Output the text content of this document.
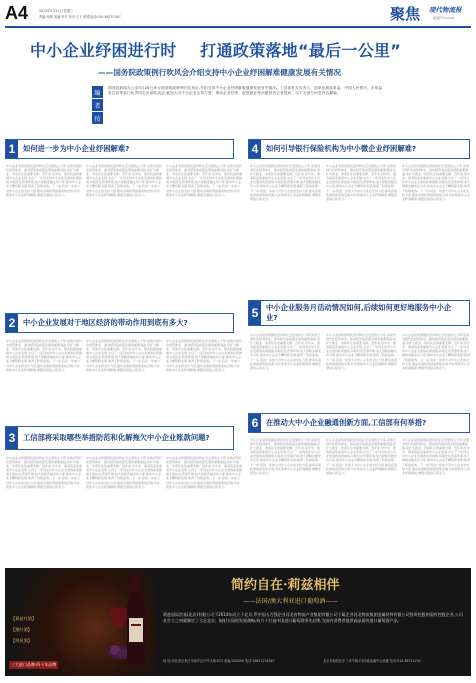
A4	2023年5月31日 星期三
责编:孙辉 美编:李冬 校对:王子 联系电话:010-68757007	聚焦 现代物流报
版面代号:17-67
中小企业纾困进行时    打通政策落地“最后一公里”
——国务院政策例行吹风会介绍支持中小企业纾困解难健康发展有关情况
编
者
按
国务院新闻办公室5月26日举行国务院政策例行吹风会,介绍支持中小企业纾困解难健康发展有关情况。工信部有关负责人、国家发展改革委、中国人民银行、市场监管总局等部门负责同志出席吹风会,就加大对中小企业支持力度、推动企业纾困、促进就业等问题回答记者提问。以下为部分问答内容摘编。
1	如何进一步为中小企业纾困解难?
中小企业是我国国民经济和社会发展的主力军,是建设现代化经济体系、推动经济高质量发展的重要基础,是扩大就业、改善民生的重要支撑。近年来,党中央、国务院高度重视中小企业发展,出台了一系列支持中小企业发展的政策措施,持续优化营商环境,加大财税金融支持力度,推动中小企业专精特新发展,取得了积极成效。下一步,将进一步加大对中小企业的支持力度,推动各项政策措施落地见效,切实帮助中小企业纾困解难,增强发展信心和活力。
中小企业是我国国民经济和社会发展的主力军,是建设现代化经济体系、推动经济高质量发展的重要基础,是扩大就业、改善民生的重要支撑。近年来,党中央、国务院高度重视中小企业发展,出台了一系列支持中小企业发展的政策措施,持续优化营商环境,加大财税金融支持力度,推动中小企业专精特新发展,取得了积极成效。下一步,将进一步加大对中小企业的支持力度,推动各项政策措施落地见效,切实帮助中小企业纾困解难,增强发展信心和活力。
中小企业是我国国民经济和社会发展的主力军,是建设现代化经济体系、推动经济高质量发展的重要基础,是扩大就业、改善民生的重要支撑。近年来,党中央、国务院高度重视中小企业发展,出台了一系列支持中小企业发展的政策措施,持续优化营商环境,加大财税金融支持力度,推动中小企业专精特新发展,取得了积极成效。下一步,将进一步加大对中小企业的支持力度,推动各项政策措施落地见效,切实帮助中小企业纾困解难,增强发展信心和活力。
2	中小企业发展对于地区经济的带动作用到底有多大?
中小企业是我国国民经济和社会发展的主力军,是建设现代化经济体系、推动经济高质量发展的重要基础,是扩大就业、改善民生的重要支撑。近年来,党中央、国务院高度重视中小企业发展,出台了一系列支持中小企业发展的政策措施,持续优化营商环境,加大财税金融支持力度,推动中小企业专精特新发展,取得了积极成效。下一步,将进一步加大对中小企业的支持力度,推动各项政策措施落地见效,切实帮助中小企业纾困解难,增强发展信心和活力。
中小企业是我国国民经济和社会发展的主力军,是建设现代化经济体系、推动经济高质量发展的重要基础,是扩大就业、改善民生的重要支撑。近年来,党中央、国务院高度重视中小企业发展,出台了一系列支持中小企业发展的政策措施,持续优化营商环境,加大财税金融支持力度,推动中小企业专精特新发展,取得了积极成效。下一步,将进一步加大对中小企业的支持力度,推动各项政策措施落地见效,切实帮助中小企业纾困解难,增强发展信心和活力。
中小企业是我国国民经济和社会发展的主力军,是建设现代化经济体系、推动经济高质量发展的重要基础,是扩大就业、改善民生的重要支撑。近年来,党中央、国务院高度重视中小企业发展,出台了一系列支持中小企业发展的政策措施,持续优化营商环境,加大财税金融支持力度,推动中小企业专精特新发展,取得了积极成效。下一步,将进一步加大对中小企业的支持力度,推动各项政策措施落地见效,切实帮助中小企业纾困解难,增强发展信心和活力。
3	工信部将采取哪些举措防范和化解拖欠中小企业账款问题?
中小企业是我国国民经济和社会发展的主力军,是建设现代化经济体系、推动经济高质量发展的重要基础,是扩大就业、改善民生的重要支撑。近年来,党中央、国务院高度重视中小企业发展,出台了一系列支持中小企业发展的政策措施,持续优化营商环境,加大财税金融支持力度,推动中小企业专精特新发展,取得了积极成效。下一步,将进一步加大对中小企业的支持力度,推动各项政策措施落地见效,切实帮助中小企业纾困解难,增强发展信心和活力。
中小企业是我国国民经济和社会发展的主力军,是建设现代化经济体系、推动经济高质量发展的重要基础,是扩大就业、改善民生的重要支撑。近年来,党中央、国务院高度重视中小企业发展,出台了一系列支持中小企业发展的政策措施,持续优化营商环境,加大财税金融支持力度,推动中小企业专精特新发展,取得了积极成效。下一步,将进一步加大对中小企业的支持力度,推动各项政策措施落地见效,切实帮助中小企业纾困解难,增强发展信心和活力。
中小企业是我国国民经济和社会发展的主力军,是建设现代化经济体系、推动经济高质量发展的重要基础,是扩大就业、改善民生的重要支撑。近年来,党中央、国务院高度重视中小企业发展,出台了一系列支持中小企业发展的政策措施,持续优化营商环境,加大财税金融支持力度,推动中小企业专精特新发展,取得了积极成效。下一步,将进一步加大对中小企业的支持力度,推动各项政策措施落地见效,切实帮助中小企业纾困解难,增强发展信心和活力。
4	如何引导银行保险机构为中小微企业纾困解难?
中小企业是我国国民经济和社会发展的主力军,是建设现代化经济体系、推动经济高质量发展的重要基础,是扩大就业、改善民生的重要支撑。近年来,党中央、国务院高度重视中小企业发展,出台了一系列支持中小企业发展的政策措施,持续优化营商环境,加大财税金融支持力度,推动中小企业专精特新发展,取得了积极成效。下一步,将进一步加大对中小企业的支持力度,推动各项政策措施落地见效,切实帮助中小企业纾困解难,增强发展信心和活力。
中小企业是我国国民经济和社会发展的主力军,是建设现代化经济体系、推动经济高质量发展的重要基础,是扩大就业、改善民生的重要支撑。近年来,党中央、国务院高度重视中小企业发展,出台了一系列支持中小企业发展的政策措施,持续优化营商环境,加大财税金融支持力度,推动中小企业专精特新发展,取得了积极成效。下一步,将进一步加大对中小企业的支持力度,推动各项政策措施落地见效,切实帮助中小企业纾困解难,增强发展信心和活力。
中小企业是我国国民经济和社会发展的主力军,是建设现代化经济体系、推动经济高质量发展的重要基础,是扩大就业、改善民生的重要支撑。近年来,党中央、国务院高度重视中小企业发展,出台了一系列支持中小企业发展的政策措施,持续优化营商环境,加大财税金融支持力度,推动中小企业专精特新发展,取得了积极成效。下一步,将进一步加大对中小企业的支持力度,推动各项政策措施落地见效,切实帮助中小企业纾困解难,增强发展信心和活力。
5	中小企业服务月活动情况如何,后续如何更好地服务中小企业?
中小企业是我国国民经济和社会发展的主力军,是建设现代化经济体系、推动经济高质量发展的重要基础,是扩大就业、改善民生的重要支撑。近年来,党中央、国务院高度重视中小企业发展,出台了一系列支持中小企业发展的政策措施,持续优化营商环境,加大财税金融支持力度,推动中小企业专精特新发展,取得了积极成效。下一步,将进一步加大对中小企业的支持力度,推动各项政策措施落地见效,切实帮助中小企业纾困解难,增强发展信心和活力。
中小企业是我国国民经济和社会发展的主力军,是建设现代化经济体系、推动经济高质量发展的重要基础,是扩大就业、改善民生的重要支撑。近年来,党中央、国务院高度重视中小企业发展,出台了一系列支持中小企业发展的政策措施,持续优化营商环境,加大财税金融支持力度,推动中小企业专精特新发展,取得了积极成效。下一步,将进一步加大对中小企业的支持力度,推动各项政策措施落地见效,切实帮助中小企业纾困解难,增强发展信心和活力。
中小企业是我国国民经济和社会发展的主力军,是建设现代化经济体系、推动经济高质量发展的重要基础,是扩大就业、改善民生的重要支撑。近年来,党中央、国务院高度重视中小企业发展,出台了一系列支持中小企业发展的政策措施,持续优化营商环境,加大财税金融支持力度,推动中小企业专精特新发展,取得了积极成效。下一步,将进一步加大对中小企业的支持力度,推动各项政策措施落地见效,切实帮助中小企业纾困解难,增强发展信心和活力。
6	在推动大中小企业融通创新方面,工信部有何举措?
中小企业是我国国民经济和社会发展的主力军,是建设现代化经济体系、推动经济高质量发展的重要基础,是扩大就业、改善民生的重要支撑。近年来,党中央、国务院高度重视中小企业发展,出台了一系列支持中小企业发展的政策措施,持续优化营商环境,加大财税金融支持力度,推动中小企业专精特新发展,取得了积极成效。下一步,将进一步加大对中小企业的支持力度,推动各项政策措施落地见效,切实帮助中小企业纾困解难,增强发展信心和活力。
中小企业是我国国民经济和社会发展的主力军,是建设现代化经济体系、推动经济高质量发展的重要基础,是扩大就业、改善民生的重要支撑。近年来,党中央、国务院高度重视中小企业发展,出台了一系列支持中小企业发展的政策措施,持续优化营商环境,加大财税金融支持力度,推动中小企业专精特新发展,取得了积极成效。下一步,将进一步加大对中小企业的支持力度,推动各项政策措施落地见效,切实帮助中小企业纾困解难,增强发展信心和活力。
中小企业是我国国民经济和社会发展的主力军,是建设现代化经济体系、推动经济高质量发展的重要基础,是扩大就业、改善民生的重要支撑。近年来,党中央、国务院高度重视中小企业发展,出台了一系列支持中小企业发展的政策措施,持续优化营商环境,加大财税金融支持力度,推动中小企业专精特新发展,取得了积极成效。下一步,将进一步加大对中小企业的支持力度,推动各项政策措施落地见效,切实帮助中小企业纾困解难,增强发展信心和活力。
【莉兹红酒】
【澳红酒】
【明星酒】
三大进口品牌·四十年品牌
简约自在·莉兹相伴
——法国/澳大利亚进口葡萄酒——
莉兹国际贸易(北京)有限公司于2014年成立于北京,系中国五百强企业河北省物流产业集团有限公司下属企业河北物流集团金属材料有限公司投资控股的国有控股企业,公司从生立之初就制定了立足北京、辐射全国的发展战略,致力于打造中国进口葡萄酒领先品牌,为国内消费者提供高品质的进口葡萄酒产品。
地 址:河北省石家庄市裕华区中华大街32号 邮编:050000 电话:18611234567	北京市朝阳区东三环中路1号环球金融中心西楼 电话:010-86751234
